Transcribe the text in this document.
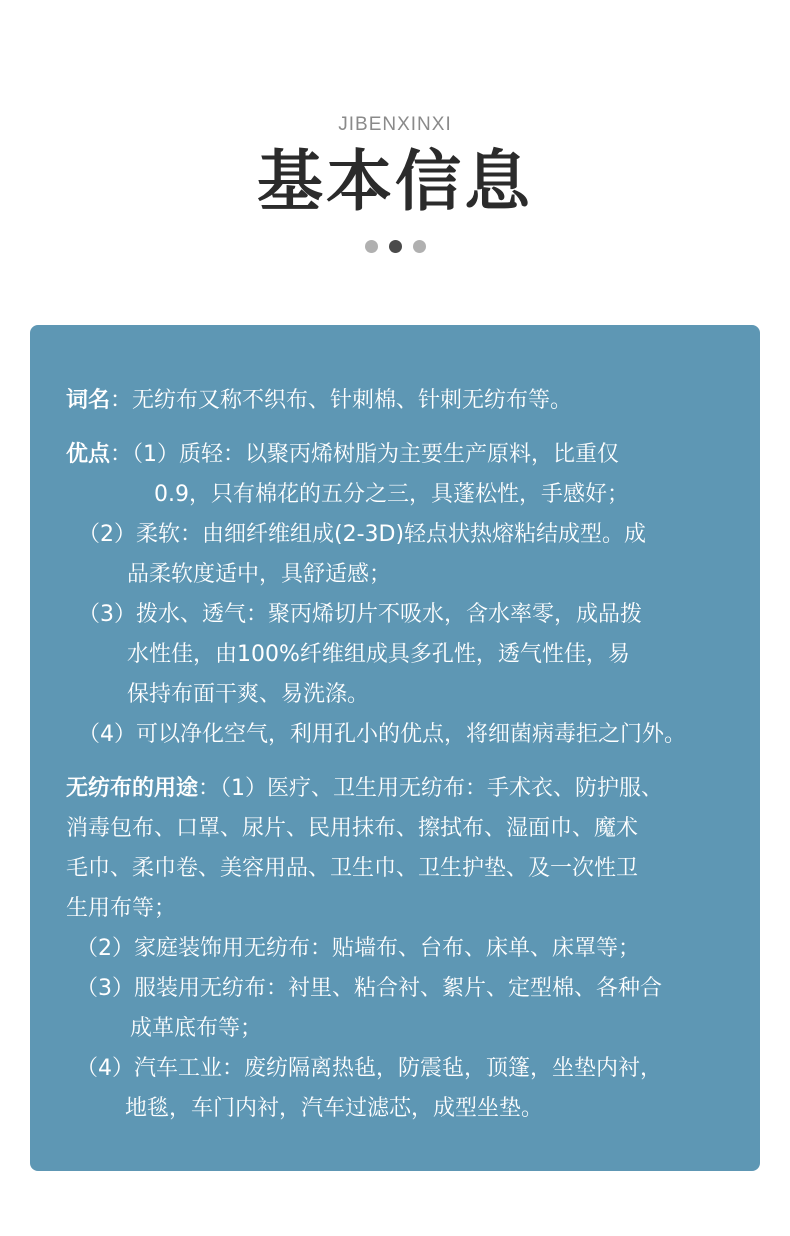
JIBENXINXI
基本信息
词名：无纺布又称不织布、针刺棉、针刺无纺布等。
优点：（1）质轻：以聚丙烯树脂为主要生产原料，比重仅
0.9，只有棉花的五分之三，具蓬松性，手感好；
（2）柔软：由细纤维组成(2-3D)轻点状热熔粘结成型。成
品柔软度适中，具舒适感；
（3）拨水、透气：聚丙烯切片不吸水，含水率零，成品拨
水性佳，由100%纤维组成具多孔性，透气性佳，易
保持布面干爽、易洗涤。
（4）可以净化空气，利用孔小的优点，将细菌病毒拒之门外。
无纺布的用途：（1）医疗、卫生用无纺布：手术衣、防护服、
消毒包布、口罩、尿片、民用抹布、擦拭布、湿面巾、魔术
毛巾、柔巾卷、美容用品、卫生巾、卫生护垫、及一次性卫
生用布等；
（2）家庭装饰用无纺布：贴墙布、台布、床单、床罩等；
（3）服装用无纺布：衬里、粘合衬、絮片、定型棉、各种合
成革底布等；
（4）汽车工业：废纺隔离热毡，防震毡，顶篷，坐垫内衬，
地毯，车门内衬，汽车过滤芯，成型坐垫。
